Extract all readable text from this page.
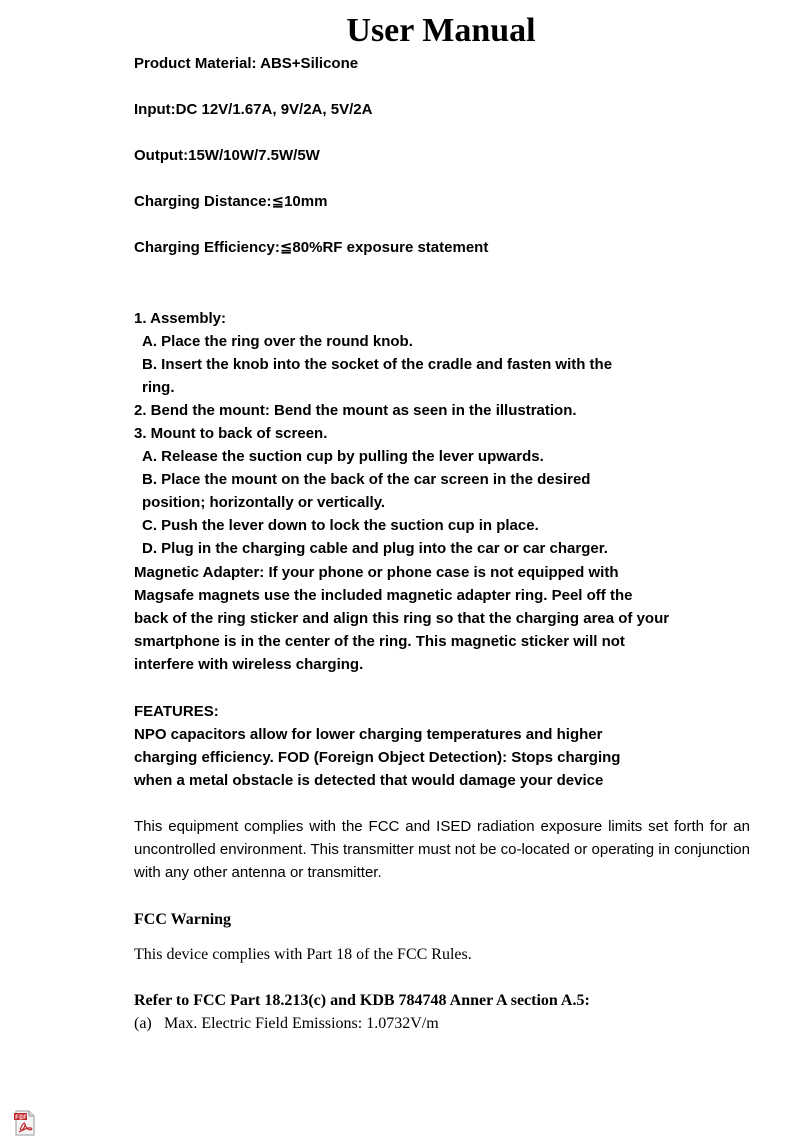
User Manual
Product Material: ABS+Silicone
Input:DC 12V/1.67A, 9V/2A, 5V/2A
Output:15W/10W/7.5W/5W
Charging Distance:≦10mm
Charging Efficiency:≦80%RF exposure statement
1. Assembly:
A. Place the ring over the round knob.
B. Insert the knob into the socket of the cradle and fasten with the
ring.
2. Bend the mount: Bend the mount as seen in the illustration.
3. Mount to back of screen.
A. Release the suction cup by pulling the lever upwards.
B. Place the mount on the back of the car screen in the desired
position; horizontally or vertically.
C. Push the lever down to lock the suction cup in place.
D. Plug in the charging cable and plug into the car or car charger.
Magnetic Adapter: If your phone or phone case is not equipped with
Magsafe magnets use the included magnetic adapter ring. Peel off the
back of the ring sticker and align this ring so that the charging area of your
smartphone is in the center of the ring. This magnetic sticker will not
interfere with wireless charging.
FEATURES:
NPO capacitors allow for lower charging temperatures and higher
charging efficiency. FOD (Foreign Object Detection): Stops charging
when a metal obstacle is detected that would damage your device
This equipment complies with the FCC and ISED radiation exposure limits set forth for an
uncontrolled environment. This transmitter must not be co-located or operating in conjunction
with any other antenna or transmitter.
FCC Warning
This device complies with Part 18 of the FCC Rules.
Refer to FCC Part 18.213(c) and KDB 784748 Anner A section A.5:
(a) Max. Electric Field Emissions: 1.0732V/m
